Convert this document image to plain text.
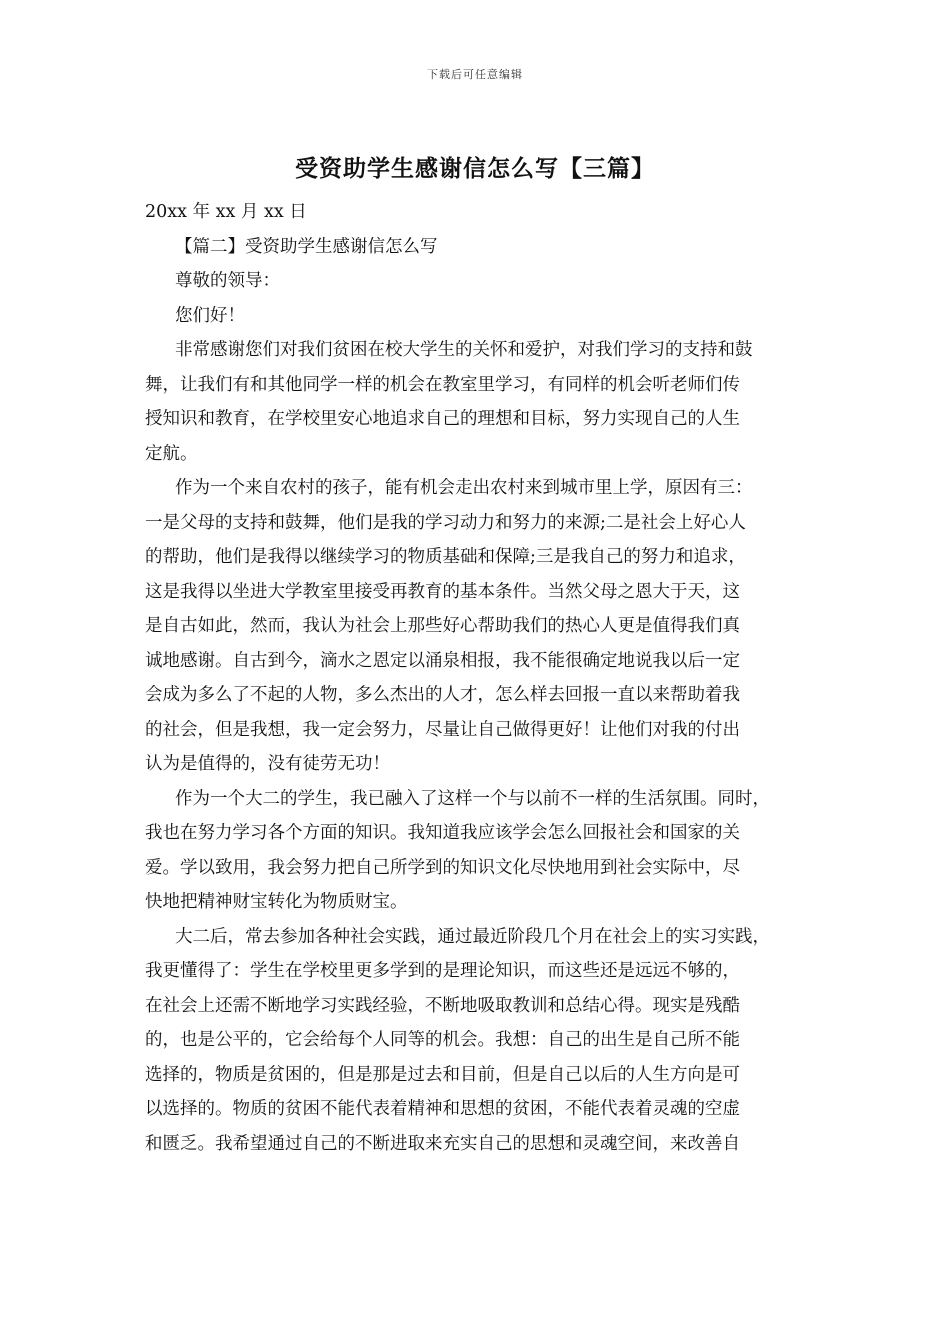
下载后可任意编辑
受资助学生感谢信怎么写【三篇】
20xx 年 xx 月 xx 日
【篇二】受资助学生感谢信怎么写
尊敬的领导：
您们好！
非常感谢您们对我们贫困在校大学生的关怀和爱护，对我们学习的支持和鼓
舞，让我们有和其他同学一样的机会在教室里学习，有同样的机会听老师们传
授知识和教育，在学校里安心地追求自己的理想和目标，努力实现自己的人生
定航。
作为一个来自农村的孩子，能有机会走出农村来到城市里上学，原因有三：
一是父母的支持和鼓舞，他们是我的学习动力和努力的来源;二是社会上好心人
的帮助，他们是我得以继续学习的物质基础和保障;三是我自己的努力和追求，
这是我得以坐进大学教室里接受再教育的基本条件。当然父母之恩大于天，这
是自古如此，然而，我认为社会上那些好心帮助我们的热心人更是值得我们真
诚地感谢。自古到今，滴水之恩定以涌泉相报，我不能很确定地说我以后一定
会成为多么了不起的人物，多么杰出的人才，怎么样去回报一直以来帮助着我
的社会，但是我想，我一定会努力，尽量让自己做得更好！让他们对我的付出
认为是值得的，没有徒劳无功！
作为一个大二的学生，我已融入了这样一个与以前不一样的生活氛围。同时，
我也在努力学习各个方面的知识。我知道我应该学会怎么回报社会和国家的关
爱。学以致用，我会努力把自己所学到的知识文化尽快地用到社会实际中，尽
快地把精神财宝转化为物质财宝。
大二后，常去参加各种社会实践，通过最近阶段几个月在社会上的实习实践，
我更懂得了：学生在学校里更多学到的是理论知识，而这些还是远远不够的，
在社会上还需不断地学习实践经验，不断地吸取教训和总结心得。现实是残酷
的，也是公平的，它会给每个人同等的机会。我想：自己的出生是自己所不能
选择的，物质是贫困的，但是那是过去和目前，但是自己以后的人生方向是可
以选择的。物质的贫困不能代表着精神和思想的贫困，不能代表着灵魂的空虚
和匮乏。我希望通过自己的不断进取来充实自己的思想和灵魂空间，来改善自
